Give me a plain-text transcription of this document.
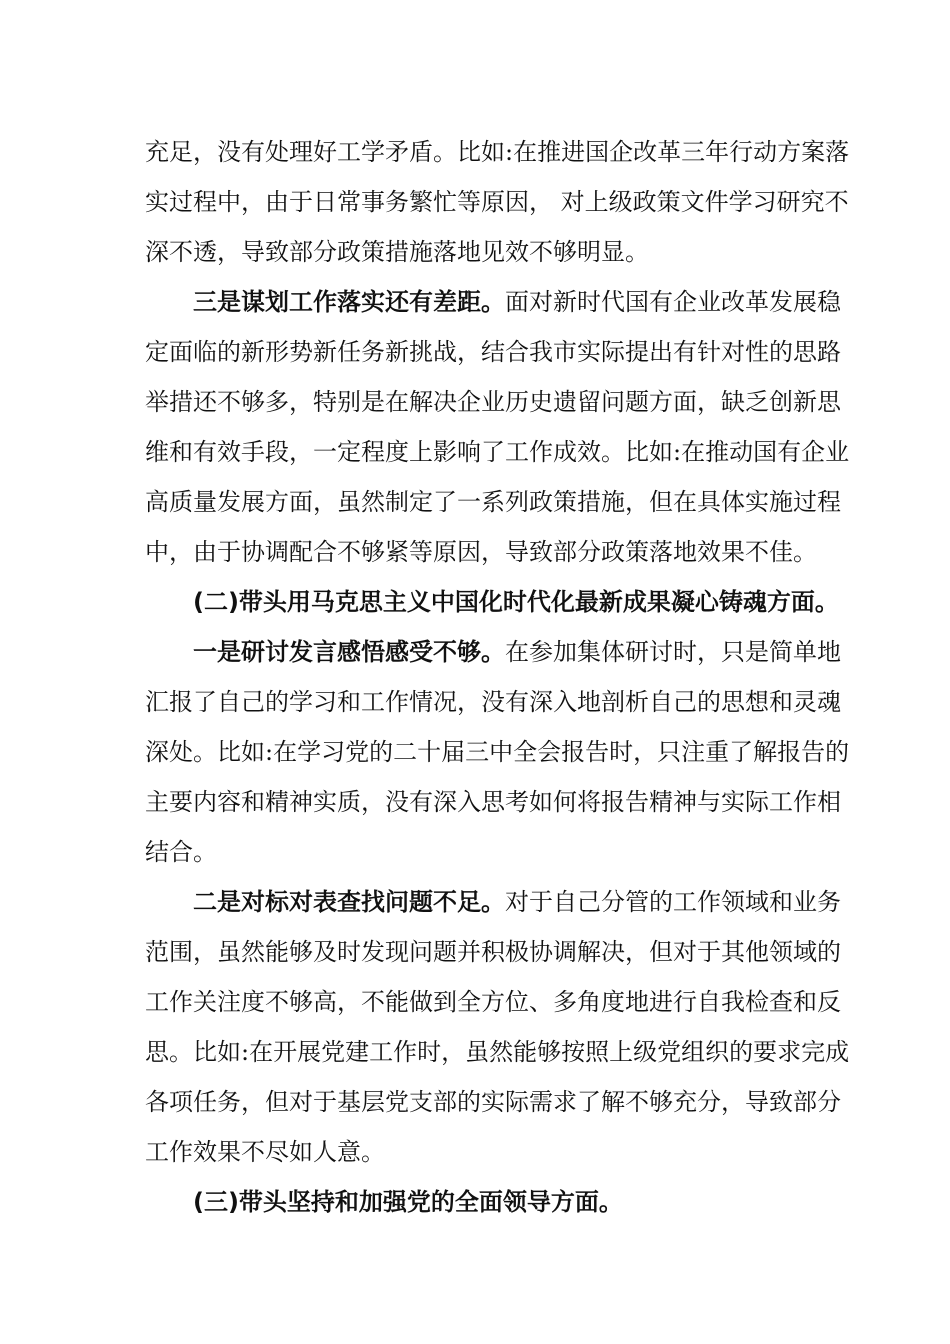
充足，没有处理好工学矛盾。比如:在推进国企改革三年行动方案落
实过程中，由于日常事务繁忙等原因， 对上级政策文件学习研究不
深不透，导致部分政策措施落地见效不够明显。
三是谋划工作落实还有差距。面对新时代国有企业改革发展稳
定面临的新形势新任务新挑战，结合我市实际提出有针对性的思路
举措还不够多，特别是在解决企业历史遗留问题方面，缺乏创新思
维和有效手段，一定程度上影响了工作成效。比如:在推动国有企业
高质量发展方面，虽然制定了一系列政策措施，但在具体实施过程
中，由于协调配合不够紧等原因，导致部分政策落地效果不佳。
(二)带头用马克思主义中国化时代化最新成果凝心铸魂方面。
一是研讨发言感悟感受不够。在参加集体研讨时，只是简单地
汇报了自己的学习和工作情况，没有深入地剖析自己的思想和灵魂
深处。比如:在学习党的二十届三中全会报告时，只注重了解报告的
主要内容和精神实质，没有深入思考如何将报告精神与实际工作相
结合。
二是对标对表查找问题不足。对于自己分管的工作领域和业务
范围，虽然能够及时发现问题并积极协调解决，但对于其他领域的
工作关注度不够高，不能做到全方位、多角度地进行自我检查和反
思。比如:在开展党建工作时，虽然能够按照上级党组织的要求完成
各项任务，但对于基层党支部的实际需求了解不够充分，导致部分
工作效果不尽如人意。
(三)带头坚持和加强党的全面领导方面。
